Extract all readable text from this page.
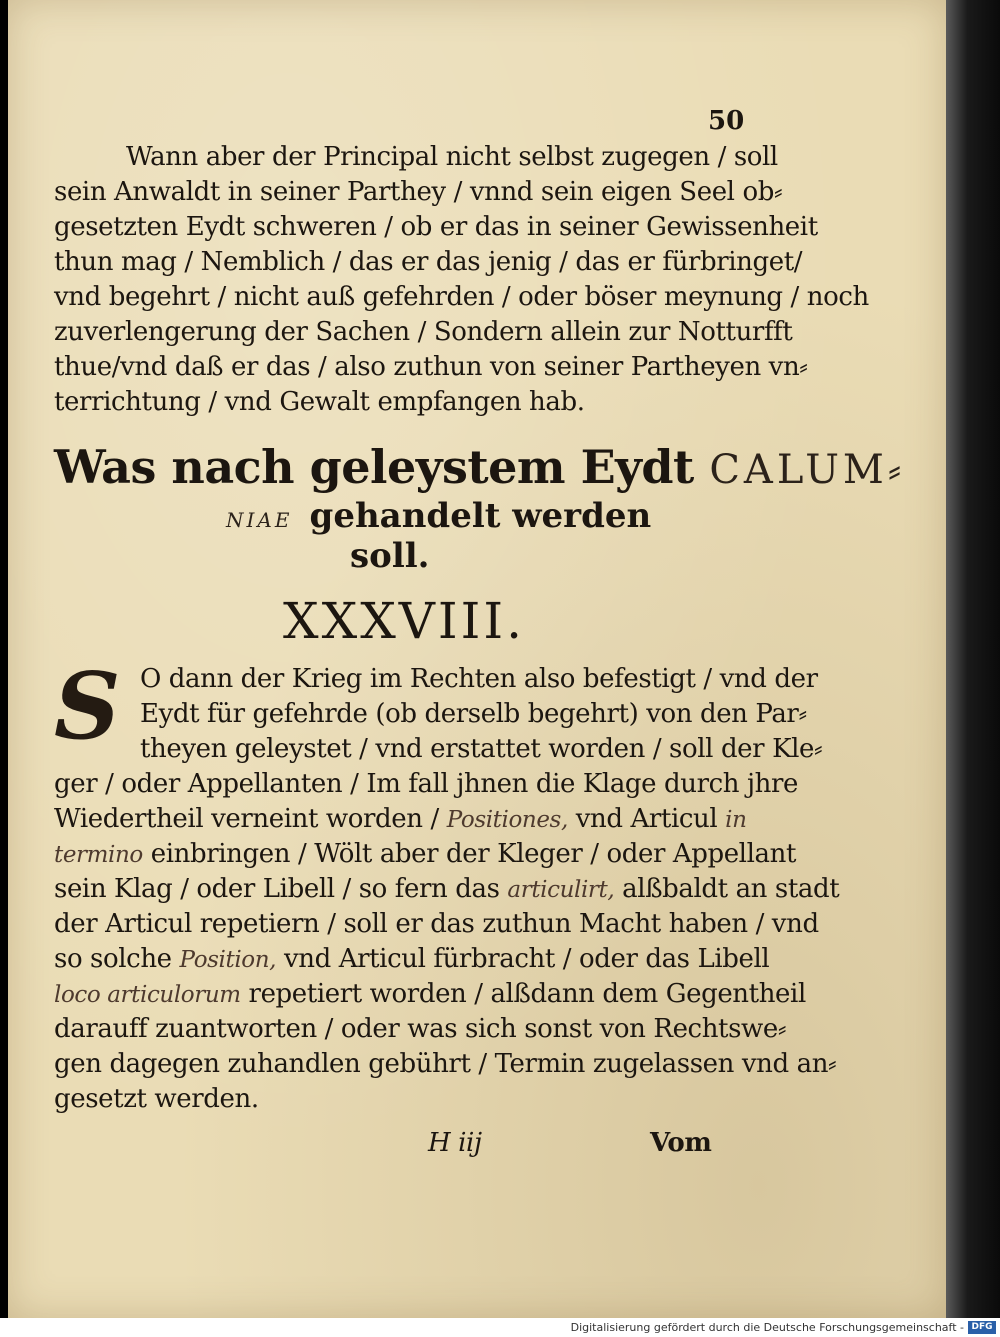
50
Wann aber der Principal nicht selbst zugegen / soll
sein Anwaldt in seiner Parthey / vnnd sein eigen Seel ob⸗
gesetzten Eydt schweren / ob er das in seiner Gewissenheit
thun mag / Nemblich / das er das jenig / das er fürbringet/
vnd begehrt / nicht auß gefehrden / oder böser meynung / noch
zuverlengerung der Sachen / Sondern allein zur Notturfft
thue/vnd daß er das / also zuthun von seiner Partheyen vn⸗
terrichtung / vnd Gewalt empfangen hab.
Was nach geleystem Eydt CALUM⸗
NIAE gehandelt werden
soll.
XXXVIII.
S O dann der Krieg im Rechten also befestigt / vnd der
Eydt für gefehrde (ob derselb begehrt) von den Par⸗
theyen geleystet / vnd erstattet worden / soll der Kle⸗
ger / oder Appellanten / Im fall jhnen die Klage durch jhre
Wiedertheil verneint worden / Positiones, vnd Articul in
termino einbringen / Wölt aber der Kleger / oder Appellant
sein Klag / oder Libell / so fern das articulirt, alßbaldt an stadt
der Articul repetiern / soll er das zuthun Macht haben / vnd
so solche Position, vnd Articul fürbracht / oder das Libell
loco articulorum repetiert worden / alßdann dem Gegentheil
darauff zuantworten / oder was sich sonst von Rechtswe⸗
gen dagegen zuhandlen gebührt / Termin zugelassen vnd an⸗
gesetzt werden.
H iij	Vom
Digitalisierung gefördert durch die Deutsche Forschungsgemeinschaft - DFG
